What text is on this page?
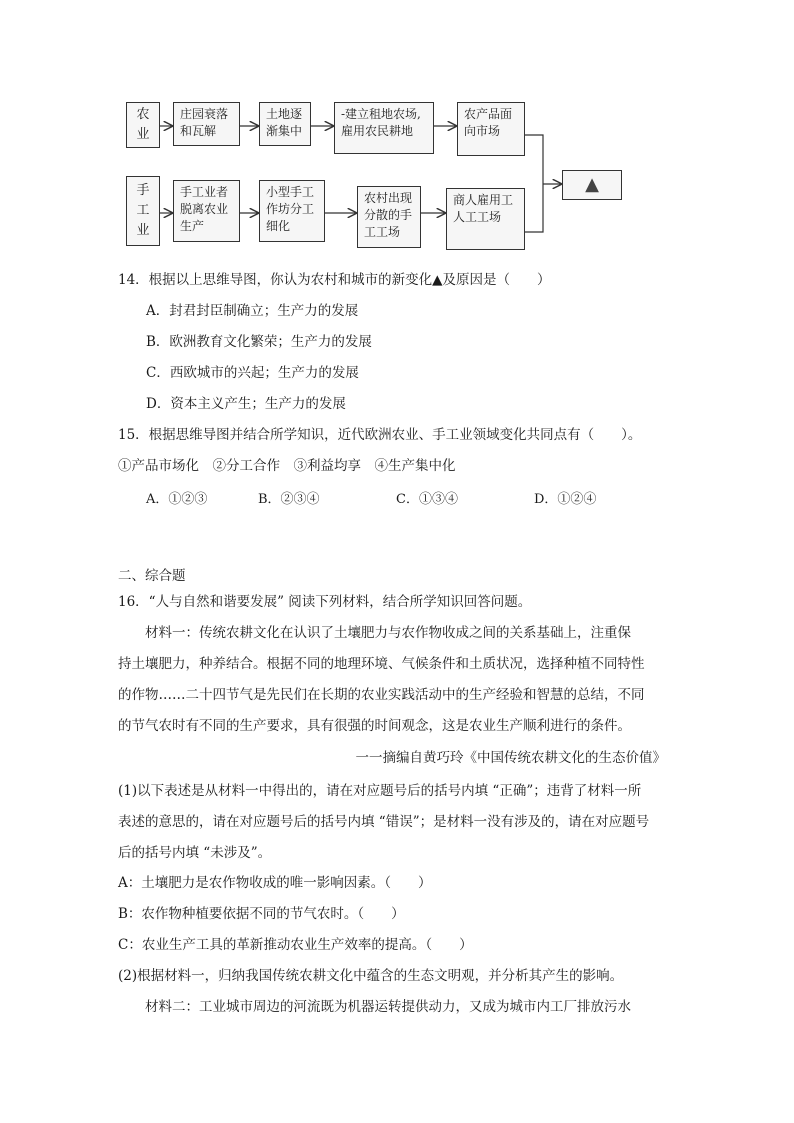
农
业
庄园衰落
和瓦解
土地逐
渐集中
-建立租地农场,
雇用农民耕地
农产品面
向市场
手
工
业
手工业者
脱离农业
生产
小型手工
作坊分工
细化
农村出现
分散的手
工工场
商人雇用工
人工工场
▲
14．根据以上思维导图，你认为农村和城市的新变化▲及原因是（　　）
A．封君封臣制确立；生产力的发展
B．欧洲教育文化繁荣；生产力的发展
C．西欧城市的兴起；生产力的发展
D．资本主义产生；生产力的发展
15．根据思维导图并结合所学知识，近代欧洲农业、手工业领域变化共同点有（　　）。
①产品市场化　②分工合作　③利益均享　④生产集中化
A．①②③	B．②③④	C．①③④	D．①②④
二、综合题
16．“人与自然和谐要发展” 阅读下列材料，结合所学知识回答问题。
　　材料一：传统农耕文化在认识了土壤肥力与农作物收成之间的关系基础上，注重保
持土壤肥力，种养结合。根据不同的地理环境、气候条件和土质状况，选择种植不同特性
的作物……二十四节气是先民们在长期的农业实践活动中的生产经验和智慧的总结，不同
的节气农时有不同的生产要求，具有很强的时间观念，这是农业生产顺利进行的条件。
一一摘编自黄巧玲《中国传统农耕文化的生态价值》
(1)以下表述是从材料一中得出的，请在对应题号后的括号内填 “正确”；违背了材料一所
表述的意思的，请在对应题号后的括号内填 “错误”；是材料一没有涉及的，请在对应题号
后的括号内填 “未涉及”。
A：土壤肥力是农作物收成的唯一影响因素。（　　）
B：农作物种植要依据不同的节气农时。（　　）
C：农业生产工具的革新推动农业生产效率的提高。（　　）
(2)根据材料一，归纳我国传统农耕文化中蕴含的生态文明观，并分析其产生的影响。
　　材料二：工业城市周边的河流既为机器运转提供动力，又成为城市内工厂排放污水
